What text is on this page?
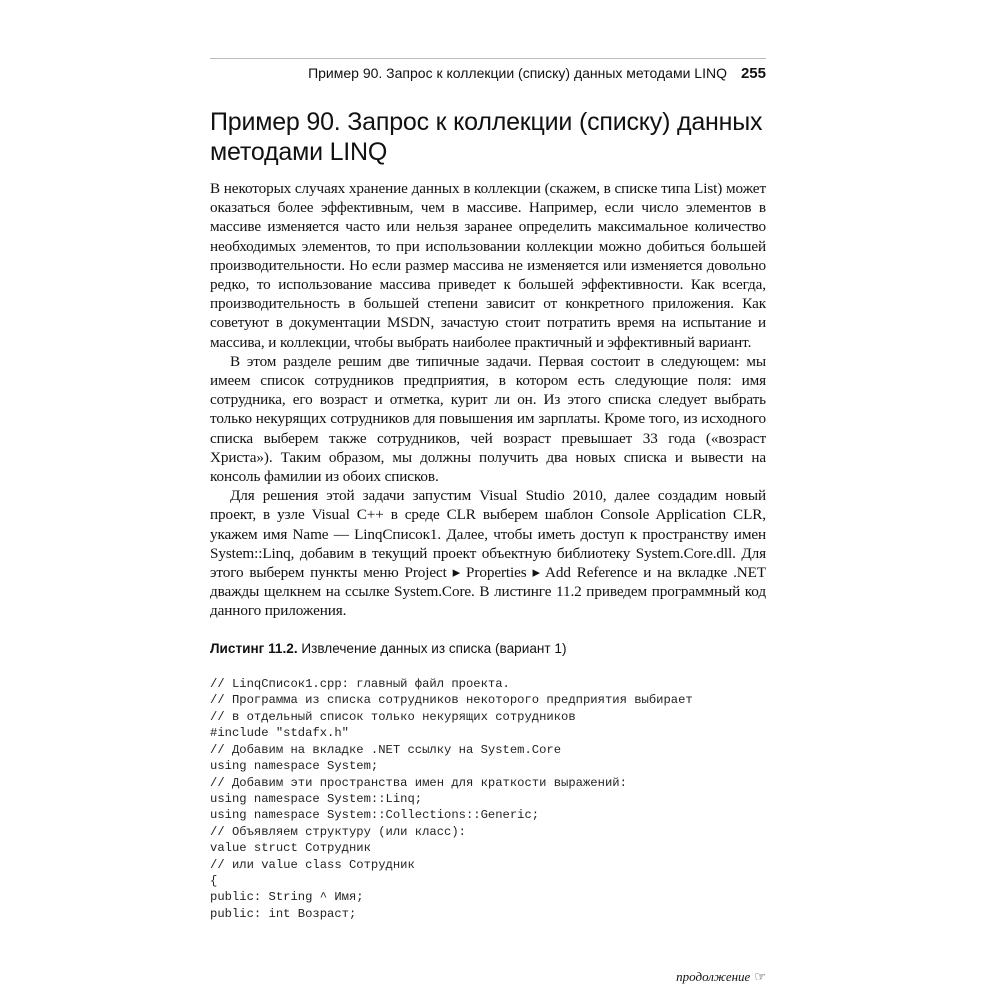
Пример 90. Запрос к коллекции (списку) данных методами LINQ 255
Пример 90. Запрос к коллекции (списку) данных методами LINQ

В некоторых случаях хранение данных в коллекции (скажем, в списке типа List) может оказаться более эффективным, чем в массиве. Например, если число элементов в массиве изменяется часто или нельзя заранее определить максимальное количество необходимых элементов, то при использовании коллекции можно добиться большей производительности. Но если размер массива не изменяется или изменяется довольно редко, то использование массива приведет к большей эффективности. Как всегда, производительность в большей степени зависит от конкретного приложения. Как советуют в документации MSDN, зачастую стоит потратить время на испытание и массива, и коллекции, чтобы выбрать наиболее практичный и эффективный вариант.

В этом разделе решим две типичные задачи. Первая состоит в следующем: мы имеем список сотрудников предприятия, в котором есть следующие поля: имя сотрудника, его возраст и отметка, курит ли он. Из этого списка следует выбрать только некурящих сотрудников для повышения им зарплаты. Кроме того, из исходного списка выберем также сотрудников, чей возраст превышает 33 года («возраст Христа»). Таким образом, мы должны получить два новых списка и вывести на консоль фамилии из обоих списков.

Для решения этой задачи запустим Visual Studio 2010, далее создадим новый проект, в узле Visual C++ в среде CLR выберем шаблон Console Application CLR, укажем имя Name — LinqСписок1. Далее, чтобы иметь доступ к пространству имен System::Linq, добавим в текущий проект объектную библиотеку System.Core.dll. Для этого выберем пункты меню Project ▸ Properties ▸ Add Reference и на вкладке .NET дважды щелкнем на ссылке System.Core. В листинге 11.2 приведем программный код данного приложения.

Листинг 11.2. Извлечение данных из списка (вариант 1)

// LinqСписок1.cpp: главный файл проекта.
// Программа из списка сотрудников некоторого предприятия выбирает
// в отдельный список только некурящих сотрудников
#include "stdafx.h"
// Добавим на вкладке .NET ссылку на System.Core
using namespace System;
// Добавим эти пространства имен для краткости выражений:
using namespace System::Linq;
using namespace System::Collections::Generic;
// Объявляем структуру (или класс):
value struct Сотрудник
// или value class Сотрудник
{
public: String ^ Имя;
public: int Возраст;

продолжение ☞
